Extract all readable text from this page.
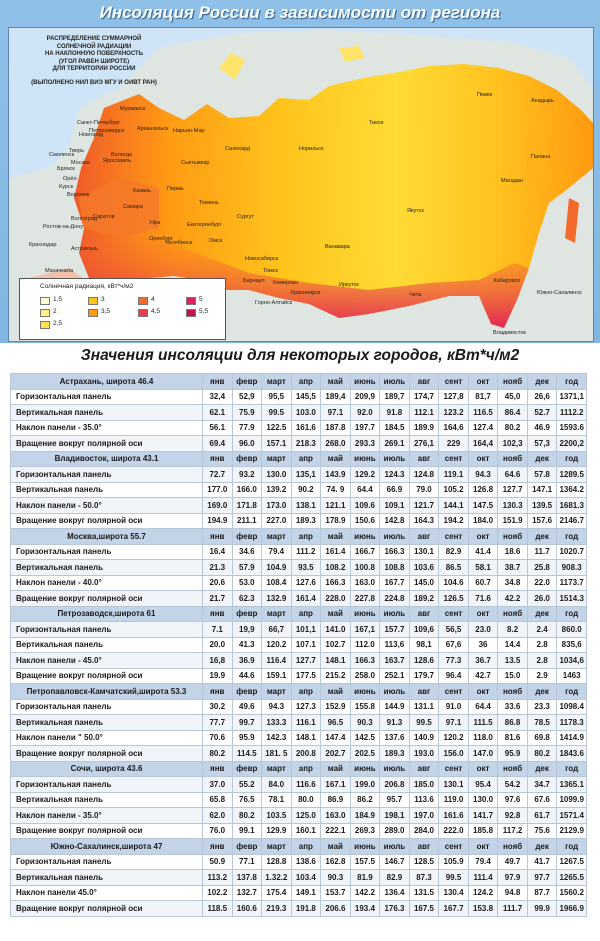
Инсоляция России в зависимости от региона
РАСПРЕДЕЛЕНИЕ СУММАРНОЙ
СОЛНЕЧНОЙ РАДИАЦИИ
НА НАКЛОННУЮ ПОВЕРХНОСТЬ
(УГОЛ РАВЕН ШИРОТЕ)
ДЛЯ ТЕРРИТОРИИ РОССИИ
(ВЫПОЛНЕНО НИЛ ВИЭ МГУ И ОИВТ РАН)
Мурманск
Петрозаводск
Санкт-Петербург
Архангельск
Новгород
Вологда
Москва
Брянск
Тверь
Смоленск
Ярославль
Орёл
Курск
Воронеж
Саратов
Самара
Казань	Пермь
Уфа
Оренбург
Волгоград
Ростов-на-Дону
Краснодар
Астрахань
Махачкала
Сыктывкар
Екатеринбург
Челябинск
Тюмень
Омск
Сургут
Новосибирск
Томск
Барнаул Кемерово
Красноярск
Иркутск
Горно-Алтайск
Чита
Якутск
Магадан
Палана
Хабаровск
Владивосток
Южно-Сахалинск
Норильск
Тикси
Певек
Анадырь
Салехард
Нарьян-Мар
Ванавара
Солнечная радиация, кВт*ч/м2
1,5
2
2,5
3
3,5
4
4,5
5
5,5
Значения инсоляции для некоторых городов, кВт*ч/м2
Астрахань, широта 46.4	янв	февр	март	апр	май	июнь	июль	авг	сент	окт	нояб	дек	год
Горизонтальная панель	32,4	52,9	95,5	145,5	189,4	209,9	189,7	174,7	127,8	81,7	45,0	26,6	1371,1
Вертикальная панель	62.1	75.9	99.5	103.0	97.1	92.0	91.8	112.1	123.2	116.5	86.4	52.7	1112.2
Наклон панели - 35.0°	56.1	77.9	122.5	161.6	187.8	197.7	184.5	189.9	164.6	127.4	80.2	46.9	1593.6
Вращение вокруг полярной оси	69.4	96.0	157.1	218.3	268.0	293.3	269.1	276,1	229	164,4	102,3	57,3	2200,2
Владивосток, широта 43.1	янв	февр	март	апр	май	июнь	июль	авг	сент	окт	нояб	дек	год
Горизонтальная панель	72.7	93.2	130.0	135,1	143.9	129.2	124.3	124.8	119.1	94.3	64.6	57.8	1289.5
Вертикальная панель	177.0	166.0	139.2	90.2	74. 9	64.4	66.9	79.0	105.2	126.8	127.7	147.1	1364.2
Наклон панели - 50.0°	169.0	171.8	173.0	138.1	121.1	109.6	109.1	121.7	144.1	147.5	130.3	139.5	1681.3
Вращение вокруг полярной оси	194.9	211.1	227.0	189.3	178.9	150.6	142.8	164.3	194.2	184.0	151.9	157.6	2146.7
Москва,широта 55.7	янв	февр	март	апр	май	июнь	июль	авг	сент	окт	нояб	дек	год
Горизонтальная панель	16.4	34.6	79.4	111.2	161.4	166.7	166.3	130.1	82.9	41.4	18.6	11.7	1020.7
Вертикальная панель	21.3	57.9	104.9	93.5	108.2	100.8	108.8	103.6	86.5	58.1	38.7	25.8	908.3
Наклон панели - 40.0°	20.6	53.0	108.4	127.6	166.3	163.0	167.7	145.0	104.6	60.7	34.8	22.0	1173.7
Вращение вокруг полярной оси	21.7	62.3	132.9	161.4	228.0	227.8	224.8	189.2	126.5	71.6	42.2	26.0	1514.3
Петрозаводск,широта 61	янв	февр	март	апр	май	июнь	июль	авг	сент	окт	нояб	дек	год
Горизонтальная панель	7.1	19,9	66,7	101,1	141.0	167,1	157.7	109,6	56,5	23.0	8.2	2.4	860.0
Вертикальная панель	20.0	41.3	120.2	107.1	102.7	112.0	113,6	98,1	67,6	36	14.4	2.8	835,6
Наклон панели - 45.0°	16,8	36.9	116.4	127.7	148.1	166.3	163.7	128.6	77.3	36.7	13.5	2.8	1034,6
Вращение вокруг полярной оси	19.9	44.6	159.1	177.5	215.2	258.0	252.1	179.7	96.4	42.7	15.0	2.9	1463
Петропавловск-Камчатский,широта 53.3	янв	февр	март	апр	май	июнь	июль	авг	сент	окт	нояб	дек	год
Горизонтальная панель	30.2	49.6	94.3	127.3	152.9	155.8	144.9	131.1	91.0	64.4	33.6	23.3	1098.4
Вертикальная панель	77.7	99.7	133.3	116.1	96.5	90.3	91.3	99.5	97.1	111.5	86.8	78.5	1178.3
Наклон панели " 50.0°	70.6	95.9	142.3	148.1	147.4	142.5	137.6	140.9	120.2	118.0	81.6	69.8	1414.9
Вращение вокруг полярной оси	80.2	114.5	181. 5	200.8	202.7	202.5	189.3	193.0	156.0	147.0	95.9	80.2	1843.6
Сочи, широта 43.6	янв	февр	март	апр	май	июнь	июль	авг	сент	окт	нояб	дек	год
Горизонтальная панель	37.0	55.2	84.0	116.6	167.1	199.0	206.8	185.0	130.1	95.4	54.2	34.7	1365.1
Вертикальная панель	65.8	76.5	78.1	80.0	86.9	86.2	95.7	113.6	119.0	130.0	97.6	67.6	1099.9
Наклон панели - 35.0°	62.0	80.2	103.5	125.0	163.0	184.9	198.1	197.0	161.6	141.7	92.8	61.7	1571.4
Вращение вокруг полярной оси	76.0	99.1	129.9	160.1	222.1	269.3	289.0	284.0	222.0	185.8	117.2	75.6	2129.9
Южно-Сахалинск,широта 47	янв	февр	март	апр	май	июнь	июль	авг	сент	окт	нояб	дек	год
Горизонтальная панель	50.9	77.1	128.8	138.6	162.8	157.5	146.7	128.5	105.9	79.4	49.7	41.7	1267.5
Вертикальная панель	113.2	137.8	1.32.2	103.4	90.3	81.9	82.9	87.3	99.5	111.4	97.9	97.7	1265.5
Наклон панели 45.0°	102.2	132.7	175.4	149.1	153.7	142.2	136.4	131.5	130.4	124.2	94.8	87.7	1560.2
Вращение вокруг полярной оси	118.5	160.6	219.3	191.8	206.6	193.4	176.3	167.5	167.7	153.8	111.7	99.9	1966.9
